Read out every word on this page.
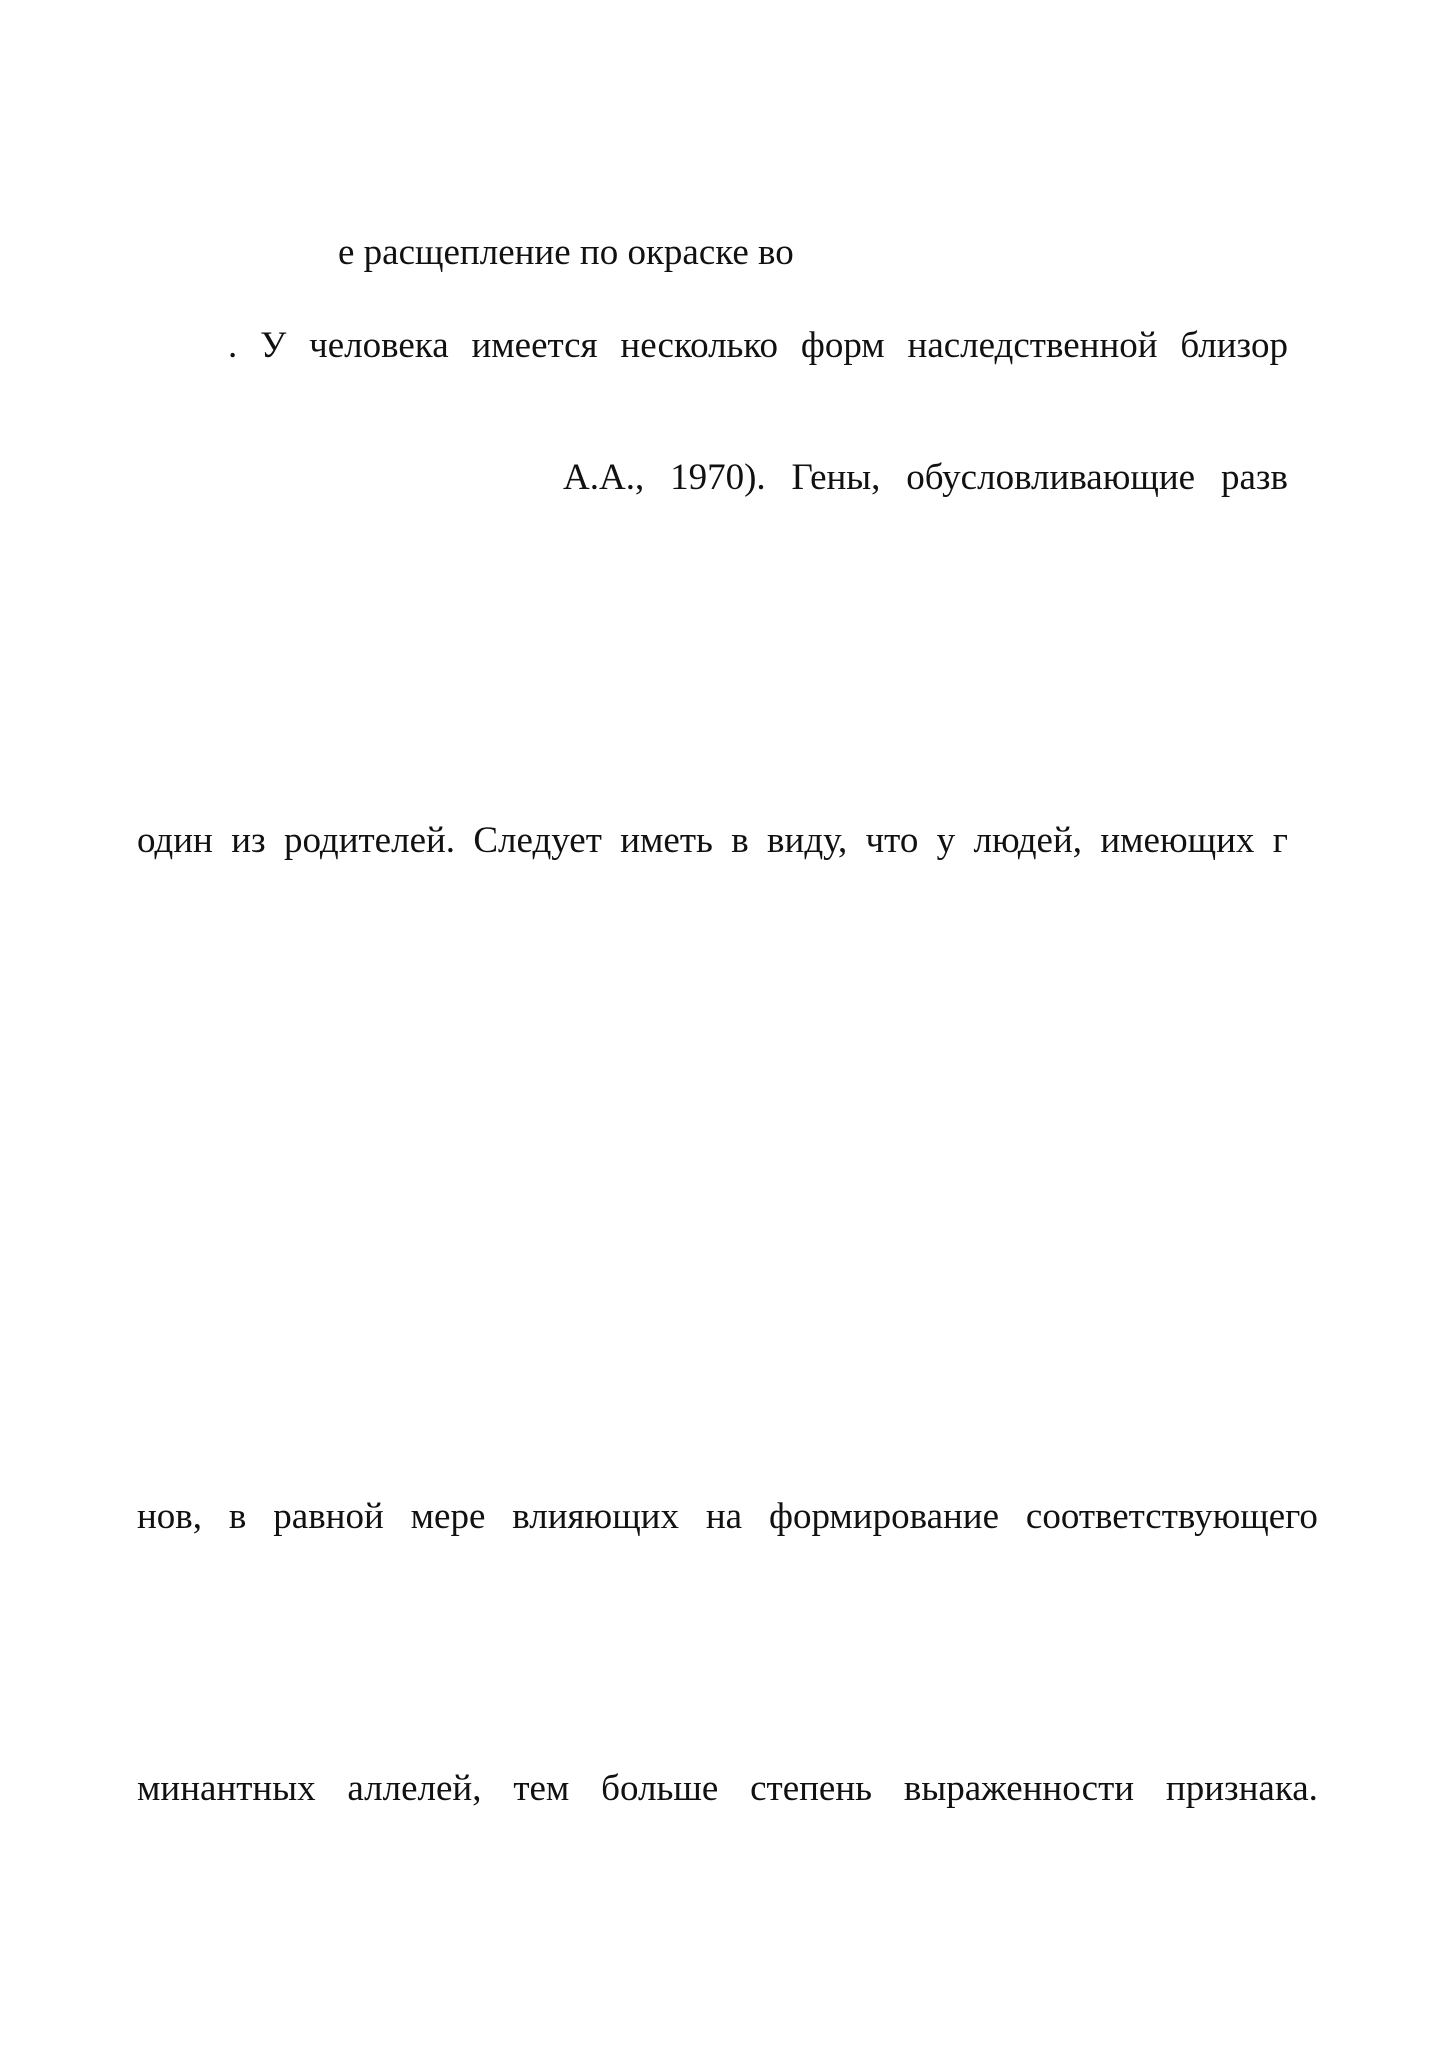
е расщепление по окраске во
. У человека имеется несколько форм наследственной близор
А.А., 1970). Гены, обусловливающие разв
один из родителей. Следует иметь в виду, что у людей, имеющих г
нов, в равной мере влияющих на формирование соответствующего
минантных аллелей, тем больше степень выраженности признака.
